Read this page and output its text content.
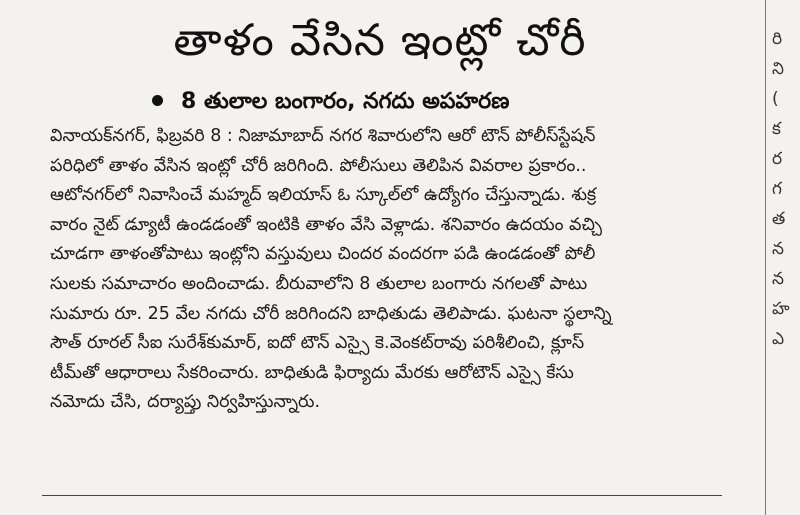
తాళం వేసిన ఇంట్లో చోరీ
8 తులాల బంగారం, నగదు అపహరణ
వినాయక్‌నగర్‌, ఫిబ్రవరి 8 : నిజామాబాద్‌ నగర శివారులోని ఆరో టౌన్‌ పోలీస్‌స్టేషన్‌
పరిధిలో తాళం వేసిన ఇంట్లో చోరీ జరిగింది. పోలీసులు తెలిపిన వివరాల ప్రకారం..
ఆటోనగర్‌లో నివాసించే మహ్మద్‌ ఇలియాస్‌ ఓ స్కూల్‌లో ఉద్యోగం చేస్తున్నాడు. శుక్ర
వారం నైట్‌ డ్యూటీ ఉండడంతో ఇంటికి తాళం వేసి వెళ్లాడు. శనివారం ఉదయం వచ్చి
చూడగా తాళంతోపాటు ఇంట్లోని వస్తువులు చిందర వందరగా పడి ఉండడంతో పోలీ
సులకు సమాచారం అందించాడు. బీరువాలోని 8 తులాల బంగారు నగలతో పాటు
సుమారు రూ. 25 వేల నగదు చోరీ జరిగిందని బాధితుడు తెలిపాడు. ఘటనా స్థలాన్ని
సౌత్‌ రూరల్‌ సీఐ సురేశ్‌కుమార్‌, ఐదో టౌన్‌ ఎస్సై కె.వెంకట్‌రావు పరిశీలించి, క్లూస్‌
టీమ్‌తో ఆధారాలు సేకరించారు. బాధితుడి ఫిర్యాదు మేరకు ఆరోటౌన్‌ ఎస్సై కేసు
నమోదు చేసి, దర్యాప్తు నిర్వహిస్తున్నారు.
రి
ని
(
క
ర
గ
త
న
న
హ
ఎ
